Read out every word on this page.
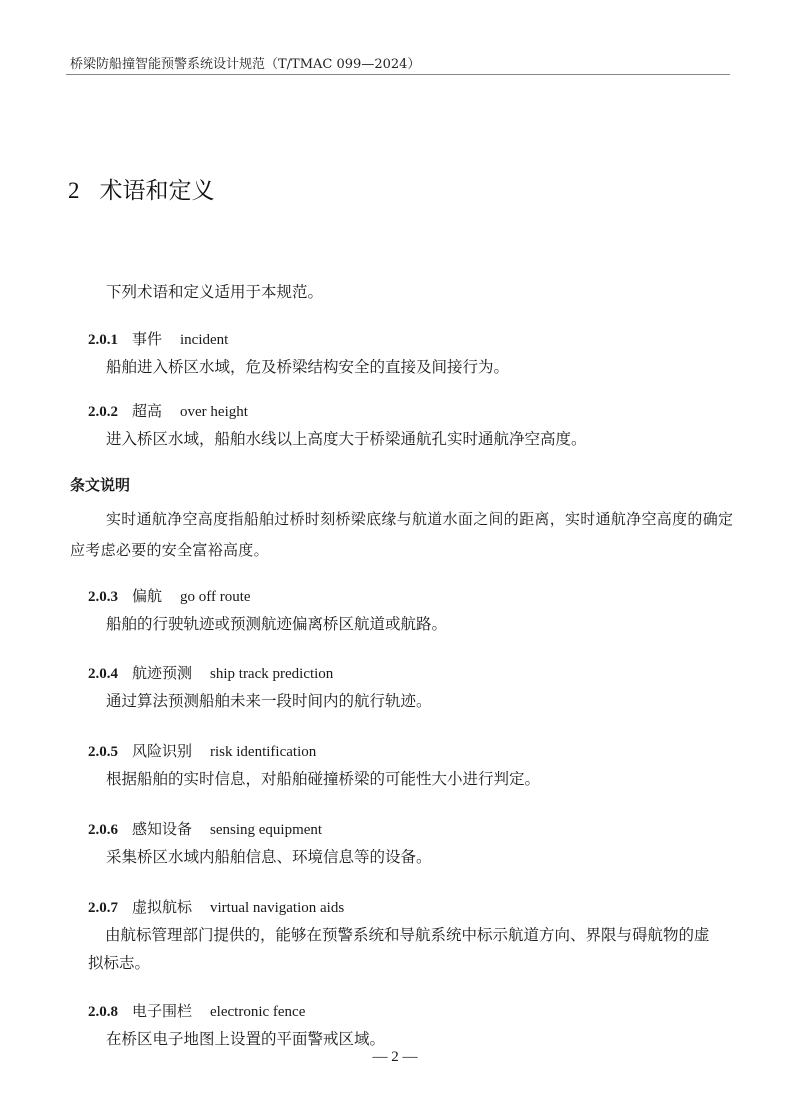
桥梁防船撞智能预警系统设计规范（T/TMAC 099—2024）
2 术语和定义
下列术语和定义适用于本规范。
2.0.1 事件 incident
船舶进入桥区水域，危及桥梁结构安全的直接及间接行为。
2.0.2 超高 over height
进入桥区水域，船舶水线以上高度大于桥梁通航孔实时通航净空高度。
条文说明
实时通航净空高度指船舶过桥时刻桥梁底缘与航道水面之间的距离，实时通航净空高度的确定应考虑必要的安全富裕高度。
2.0.3 偏航 go off route
船舶的行驶轨迹或预测航迹偏离桥区航道或航路。
2.0.4 航迹预测 ship track prediction
通过算法预测船舶未来一段时间内的航行轨迹。
2.0.5 风险识别 risk identification
根据船舶的实时信息，对船舶碰撞桥梁的可能性大小进行判定。
2.0.6 感知设备 sensing equipment
采集桥区水域内船舶信息、环境信息等的设备。
2.0.7 虚拟航标 virtual navigation aids
由航标管理部门提供的，能够在预警系统和导航系统中标示航道方向、界限与碍航物的虚拟标志。
2.0.8 电子围栏 electronic fence
在桥区电子地图上设置的平面警戒区域。
— 2 —
